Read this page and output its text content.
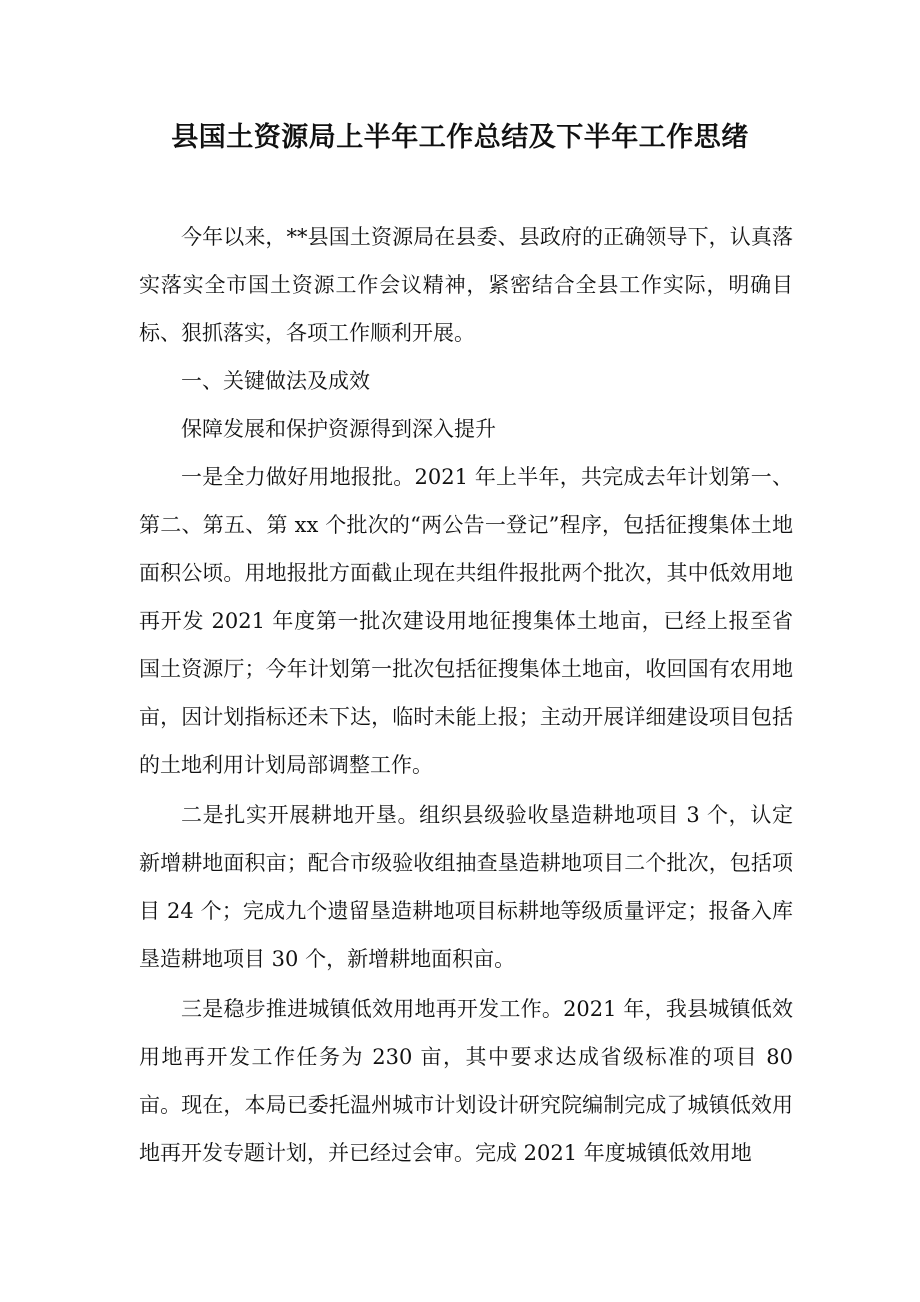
县国土资源局上半年工作总结及下半年工作思绪

今年以来，**县国土资源局在县委、县政府的正确领导下，认真落实落实全市国土资源工作会议精神，紧密结合全县工作实际，明确目标、狠抓落实，各项工作顺利开展。

一、关键做法及成效

保障发展和保护资源得到深入提升

一是全力做好用地报批。2021 年上半年，共完成去年计划第一、第二、第五、第 xx 个批次的“两公告一登记”程序，包括征搜集体土地面积公顷。用地报批方面截止现在共组件报批两个批次，其中低效用地再开发 2021 年度第一批次建设用地征搜集体土地亩，已经上报至省国土资源厅；今年计划第一批次包括征搜集体土地亩，收回国有农用地亩，因计划指标还未下达，临时未能上报；主动开展详细建设项目包括的土地利用计划局部调整工作。

二是扎实开展耕地开垦。组织县级验收垦造耕地项目 3 个，认定新增耕地面积亩；配合市级验收组抽查垦造耕地项目二个批次，包括项目 24 个；完成九个遗留垦造耕地项目标耕地等级质量评定；报备入库垦造耕地项目 30 个，新增耕地面积亩。

三是稳步推进城镇低效用地再开发工作。2021 年，我县城镇低效用地再开发工作任务为 230 亩，其中要求达成省级标准的项目 80 亩。现在，本局已委托温州城市计划设计研究院编制完成了城镇低效用地再开发专题计划，并已经过会审。完成 2021 年度城镇低效用地
